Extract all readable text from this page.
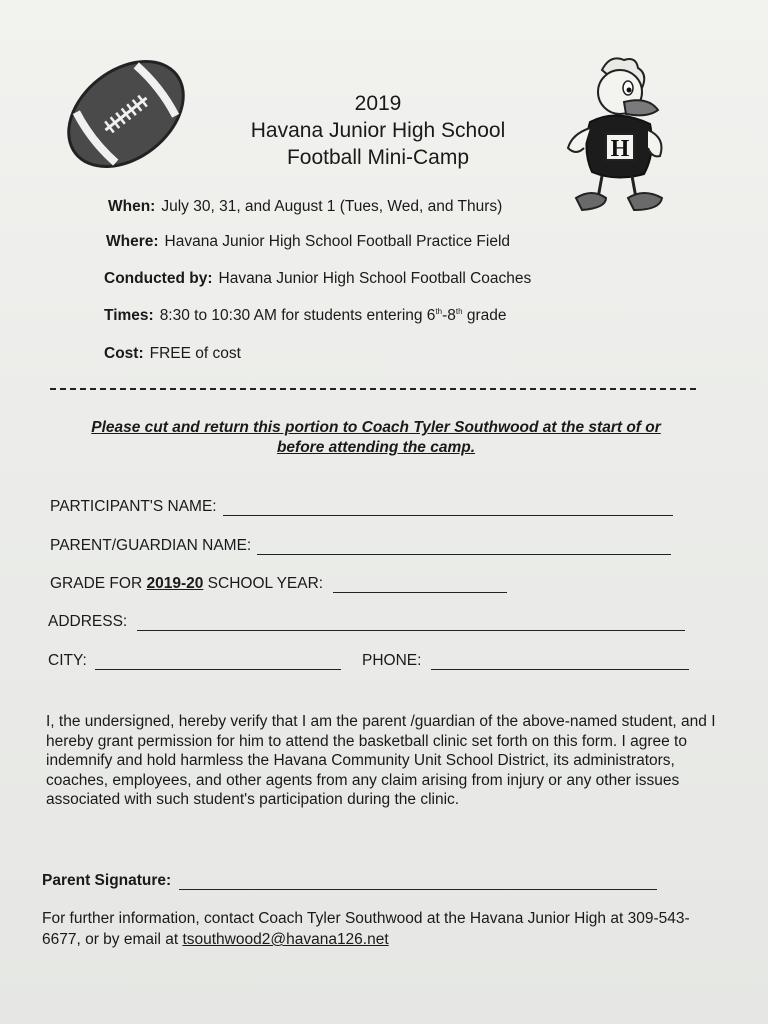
2019
Havana Junior High School
Football Mini-Camp	H
When: July 30, 31, and August 1 (Tues, Wed, and Thurs)
Where: Havana Junior High School Football Practice Field
Conducted by: Havana Junior High School Football Coaches
Times: 8:30 to 10:30 AM for students entering 6th-8th grade
Cost: FREE of cost
Please cut and return this portion to Coach Tyler Southwood at the start of or
before attending the camp.
PARTICIPANT'S NAME:
PARENT/GUARDIAN NAME:
GRADE FOR
2019-20
SCHOOL YEAR:
ADDRESS:
CITY:	PHONE:
I, the undersigned, hereby verify that I am the parent /guardian of the above-named student, and I hereby grant permission for him to attend the basketball clinic set forth on this form. I agree to indemnify and hold harmless the Havana Community Unit School District, its administrators, coaches, employees, and other agents from any claim arising from injury or any other issues associated with such student's participation during the clinic.
Parent Signature:
For further information, contact Coach Tyler Southwood at the Havana Junior High at 309-543-6677, or by email at tsouthwood2@havana126.net
